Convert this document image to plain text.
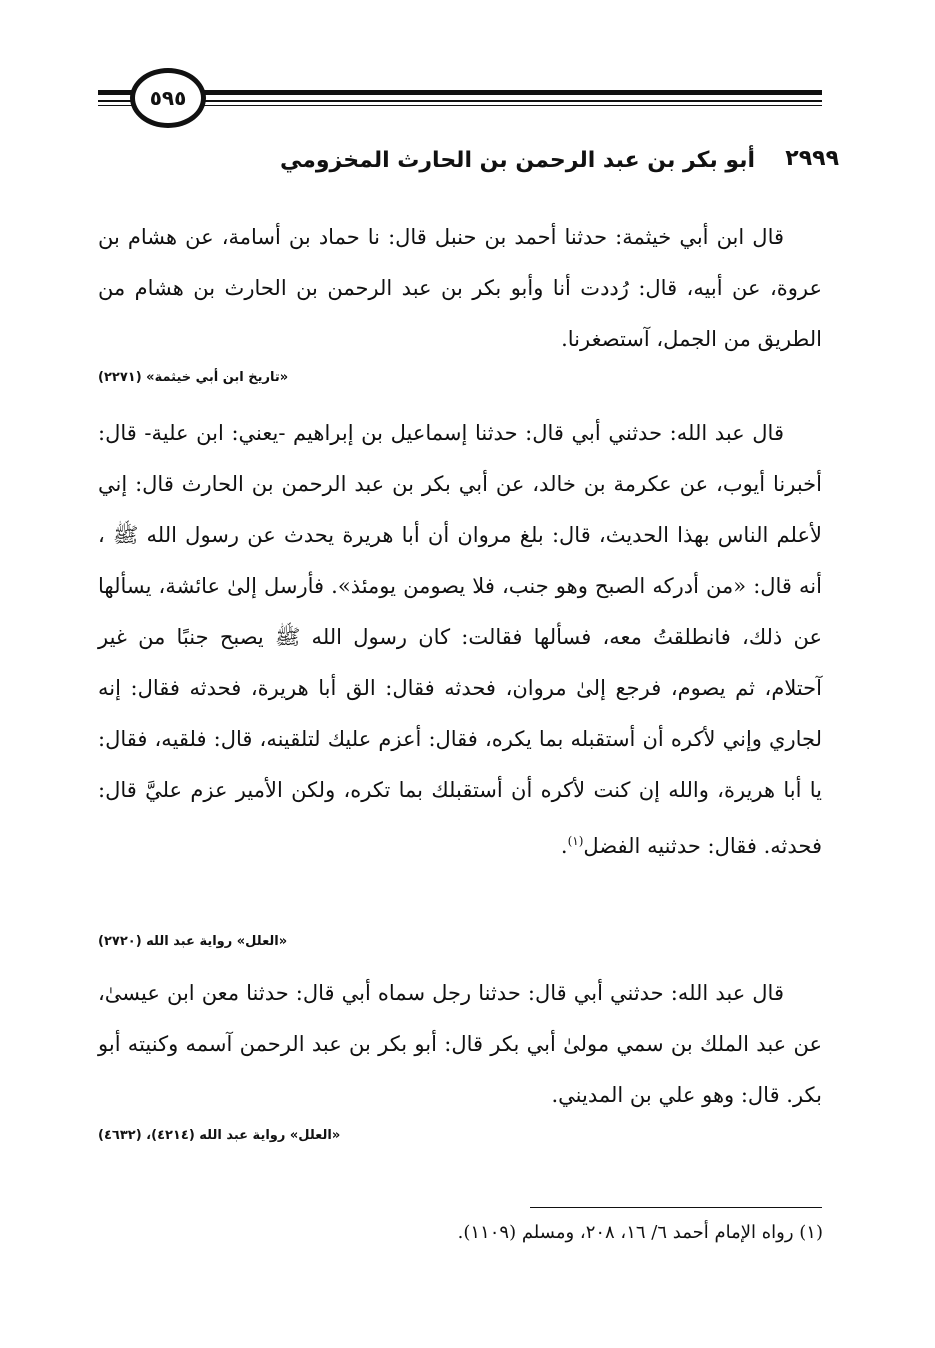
٥٩٥
٢٩٩٩
أبو بكر بن عبد الرحمن بن الحارث المخزومي

قال ابن أبي خيثمة: حدثنا أحمد بن حنبل قال: نا حماد بن أسامة، عن هشام بن عروة، عن أبيه، قال: رُددت أنا وأبو بكر بن عبد الرحمن بن الحارث بن هشام من الطريق من الجمل، آستصغرنا.

«تاريخ ابن أبي خيثمة» (٢٢٧١)

قال عبد الله: حدثني أبي قال: حدثنا إسماعيل بن إبراهيم -يعني: ابن علية- قال: أخبرنا أيوب، عن عكرمة بن خالد، عن أبي بكر بن عبد الرحمن بن الحارث قال: إني لأعلم الناس بهذا الحديث، قال: بلغ مروان أن أبا هريرة يحدث عن رسول الله ﷺ ، أنه قال: «من أدركه الصبح وهو جنب، فلا يصومن يومئذ». فأرسل إلىٰ عائشة، يسألها عن ذلك، فانطلقتُ معه، فسألها فقالت: كان رسول الله ﷺ يصبح جنبًا من غير آحتلام، ثم يصوم، فرجع إلىٰ مروان، فحدثه فقال: الق أبا هريرة، فحدثه فقال: إنه لجاري وإني لأكره أن أستقبله بما يكره، فقال: أعزم عليك لتلقينه، قال: فلقيه، فقال: يا أبا هريرة، والله إن كنت لأكره أن أستقبلك بما تكره، ولكن الأمير عزم عليَّ قال: فحدثه. فقال: حدثنيه الفضل$^{(١)}$.

«العلل» رواية عبد الله (٢٧٢٠)

قال عبد الله: حدثني أبي قال: حدثنا رجل سماه أبي قال: حدثنا معن ابن عيسىٰ، عن عبد الملك بن سمي مولىٰ أبي بكر قال: أبو بكر بن عبد الرحمن آسمه وكنيته أبو بكر. قال: وهو علي بن المديني.

«العلل» رواية عبد الله (٤٢١٤)، (٤٦٣٢)
(١) رواه الإمام أحمد ٦/ ١٦، ٢٠٨، ومسلم (١١٠٩).
